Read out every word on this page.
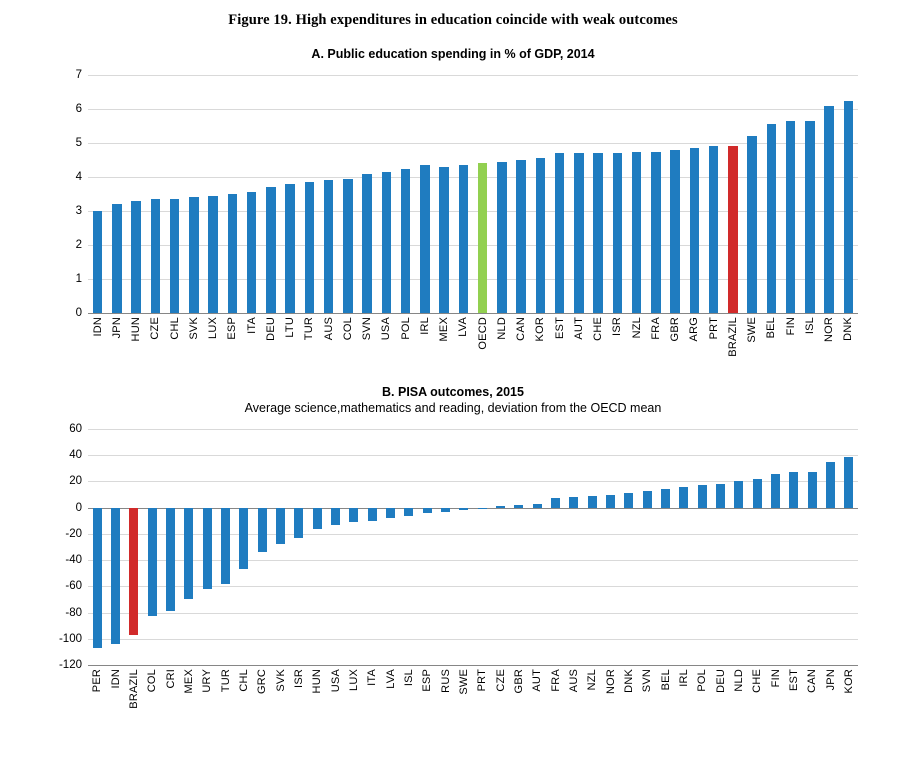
Figure 19. High expenditures in education coincide with weak outcomes
A. Public education spending in % of GDP, 2014
0
1
2
3
4
5
6
7
IDN JPN HUN CZE CHL SVK LUX ESP ITA DEU LTU TUR AUS COL SVN USA POL IRL MEX LVA OECD NLD CAN KOR EST AUT CHE ISR NZL FRA GBR ARG PRT BRAZIL SWE BEL FIN ISL NOR DNK
B. PISA outcomes, 2015
Average science,mathematics and reading, deviation from the OECD mean
60
40
20
0
-20
-40
-60
-80
-100
-120
PER IDN BRAZIL COL CRI MEX URY TUR CHL GRC SVK ISR HUN USA LUX ITA LVA ISL ESP RUS SWE PRT CZE GBR AUT FRA AUS NZL NOR DNK SVN BEL IRL POL DEU NLD CHE FIN EST CAN JPN KOR
